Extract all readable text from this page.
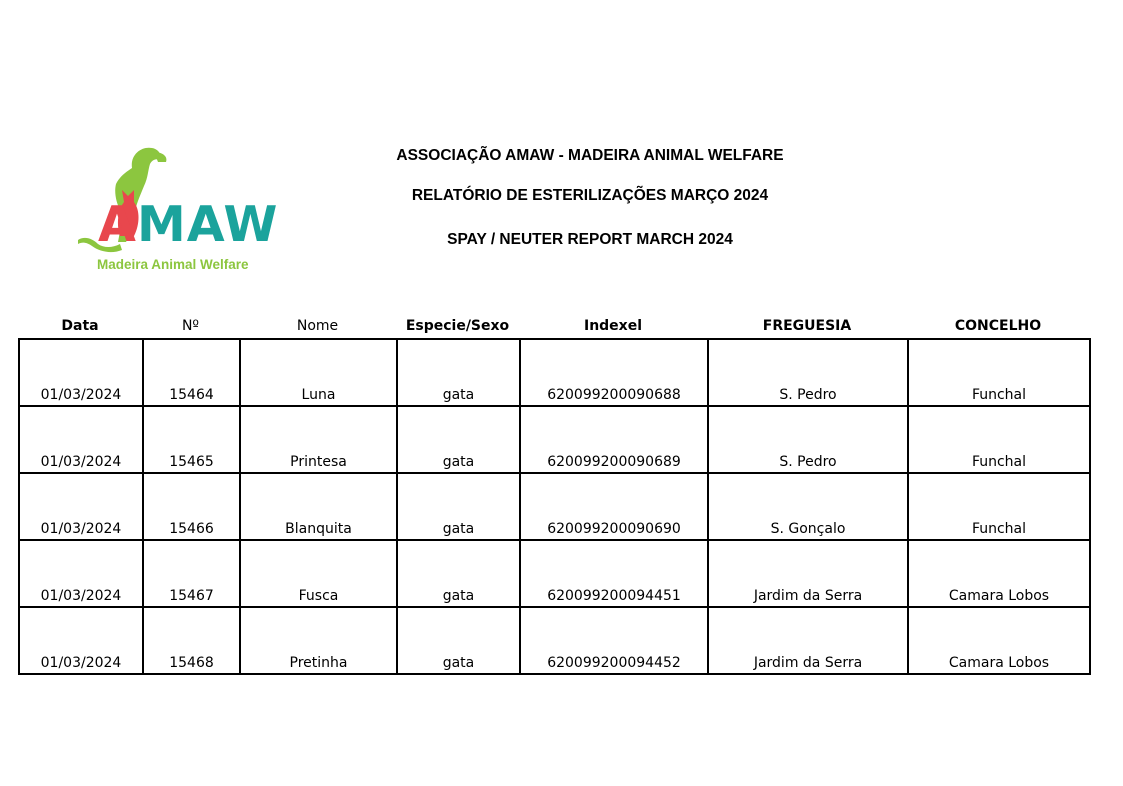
AMAW
Madeira Animal Welfare
ASSOCIAÇÃO AMAW - MADEIRA ANIMAL WELFARE
RELATÓRIO DE ESTERILIZAÇÕES MARÇO 2024
SPAY / NEUTER REPORT MARCH 2024
Data	Nº	Nome	Especie/Sexo	Indexel	FREGUESIA	CONCELHO
01/03/2024	15464	Luna	gata	620099200090688	S. Pedro	Funchal
01/03/2024	15465	Printesa	gata	620099200090689	S. Pedro	Funchal
01/03/2024	15466	Blanquita	gata	620099200090690	S. Gonçalo	Funchal
01/03/2024	15467	Fusca	gata	620099200094451	Jardim da Serra	Camara Lobos
01/03/2024	15468	Pretinha	gata	620099200094452	Jardim da Serra	Camara Lobos
